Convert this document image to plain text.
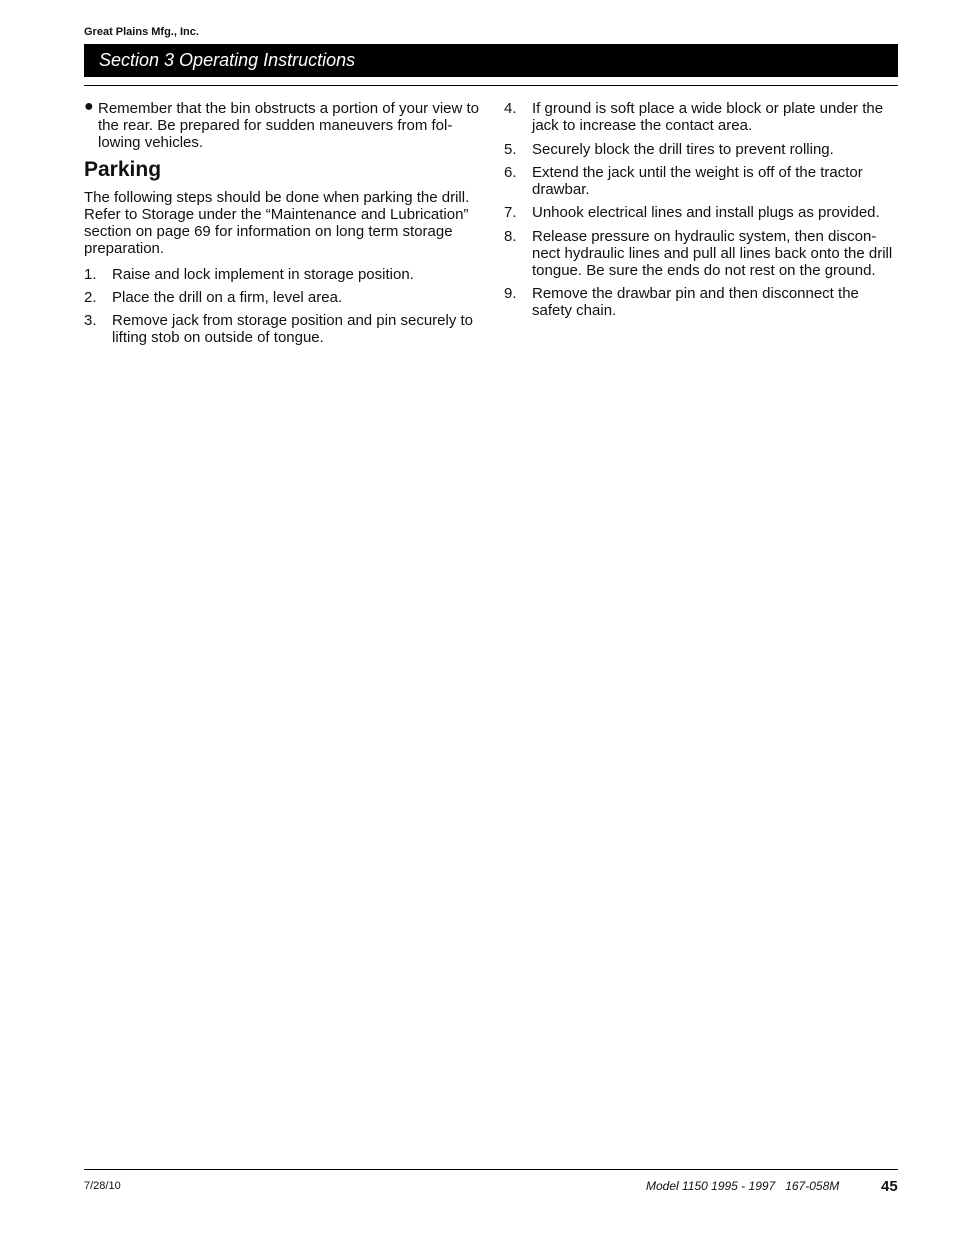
Great Plains Mfg., Inc.
Section 3 Operating Instructions
● Remember that the bin obstructs a portion of your view to the rear. Be prepared for sudden maneuvers from fol-lowing vehicles.
Parking
The following steps should be done when parking the drill. Refer to Storage under the “Maintenance and Lubrication” section on page 69 for information on long term storage preparation.
1. Raise and lock implement in storage position.
2. Place the drill on a firm, level area.
3. Remove jack from storage position and pin securely to lifting stob on outside of tongue.
4. If ground is soft place a wide block or plate under the jack to increase the contact area.
5. Securely block the drill tires to prevent rolling.
6. Extend the jack until the weight is off of the tractor drawbar.
7. Unhook electrical lines and install plugs as provided.
8. Release pressure on hydraulic system, then discon-nect hydraulic lines and pull all lines back onto the drill tongue. Be sure the ends do not rest on the ground.
9. Remove the drawbar pin and then disconnect the safety chain.
7/28/10	Model 1150 1995 - 1997   167-058M	45
